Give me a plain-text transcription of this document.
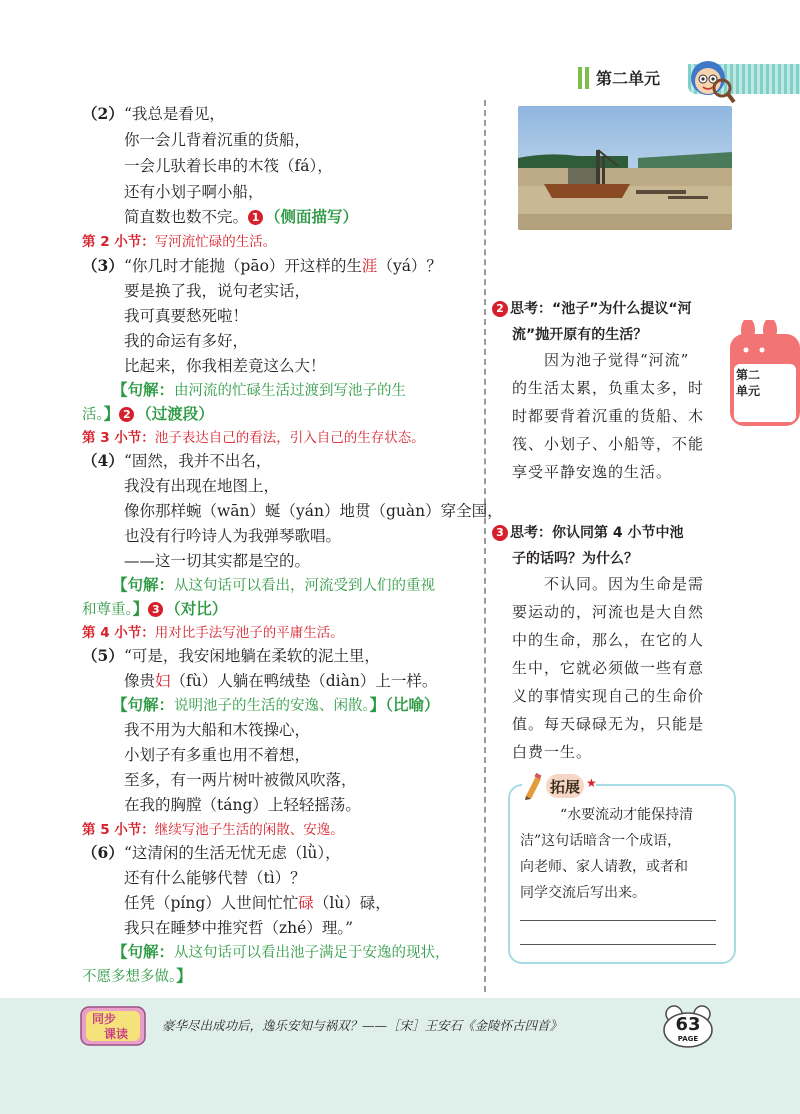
第二单元
第二
单元
（2） “我总是看见，
你一会儿背着沉重的货船，
一会儿驮着长串的木筏（fá），
还有小划子啊小船，
简直数也数不完。 1 （侧面描写）
第 2 小节：写河流忙碌的生活。
（3） “你几时才能抛（pāo）开这样的生涯（yá）？
要是换了我，说句老实话，
我可真要愁死啦！
我的命运有多好，
比起来，你我相差竟这么大！
【句解：由河流的忙碌生活过渡到写池子的生
活。】 2 （过渡段）
第 3 小节：池子表达自己的看法，引入自己的生存状态。
（4） “固然，我并不出名，
我没有出现在地图上，
像你那样蜿（wān）蜒（yán）地贯（guàn）穿全国，
也没有行吟诗人为我弹琴歌唱。
——这一切其实都是空的。
【句解：从这句话可以看出，河流受到人们的重视
和尊重。】 3 （对比）
第 4 小节：用对比手法写池子的平庸生活。
（5） “可是，我安闲地躺在柔软的泥土里，
像贵妇（fù）人躺在鸭绒垫（diàn）上一样。
【句解：说明池子的生活的安逸、闲散。】（比喻）
我不用为大船和木筏操心，
小划子有多重也用不着想，
至多，有一两片树叶被微风吹落，
在我的胸膛（táng）上轻轻摇荡。
第 5 小节：继续写池子生活的闲散、安逸。
（6） “这清闲的生活无忧无虑（lǜ），
还有什么能够代替（tì）？
任凭（píng）人世间忙忙碌（lù）碌，
我只在睡梦中推究哲（zhé）理。”
【句解：从这句话可以看出池子满足于安逸的现状，
不愿多想多做。】
2 思考：“池子”为什么提议“河
流”抛开原有的生活？
因为池子觉得“河流”
的生活太累，负重太多，时
时都要背着沉重的货船、木
筏、小划子、小船等，不能
享受平静安逸的生活。
3 思考：你认同第 4 小节中池
子的话吗？为什么？
不认同。因为生命是需
要运动的，河流也是大自然
中的生命，那么，在它的人
生中，它就必须做一些有意
义的事情实现自己的生命价
值。每天碌碌无为，只能是
白费一生。
拓展 ★
“水要流动才能保持清
洁”这句话暗含一个成语，
向老师、家人请教，或者和
同学交流后写出来。
同步
课读
豪华尽出成功后，逸乐安知与祸双？——［宋］王安石《金陵怀古四首》	63
PAGE
